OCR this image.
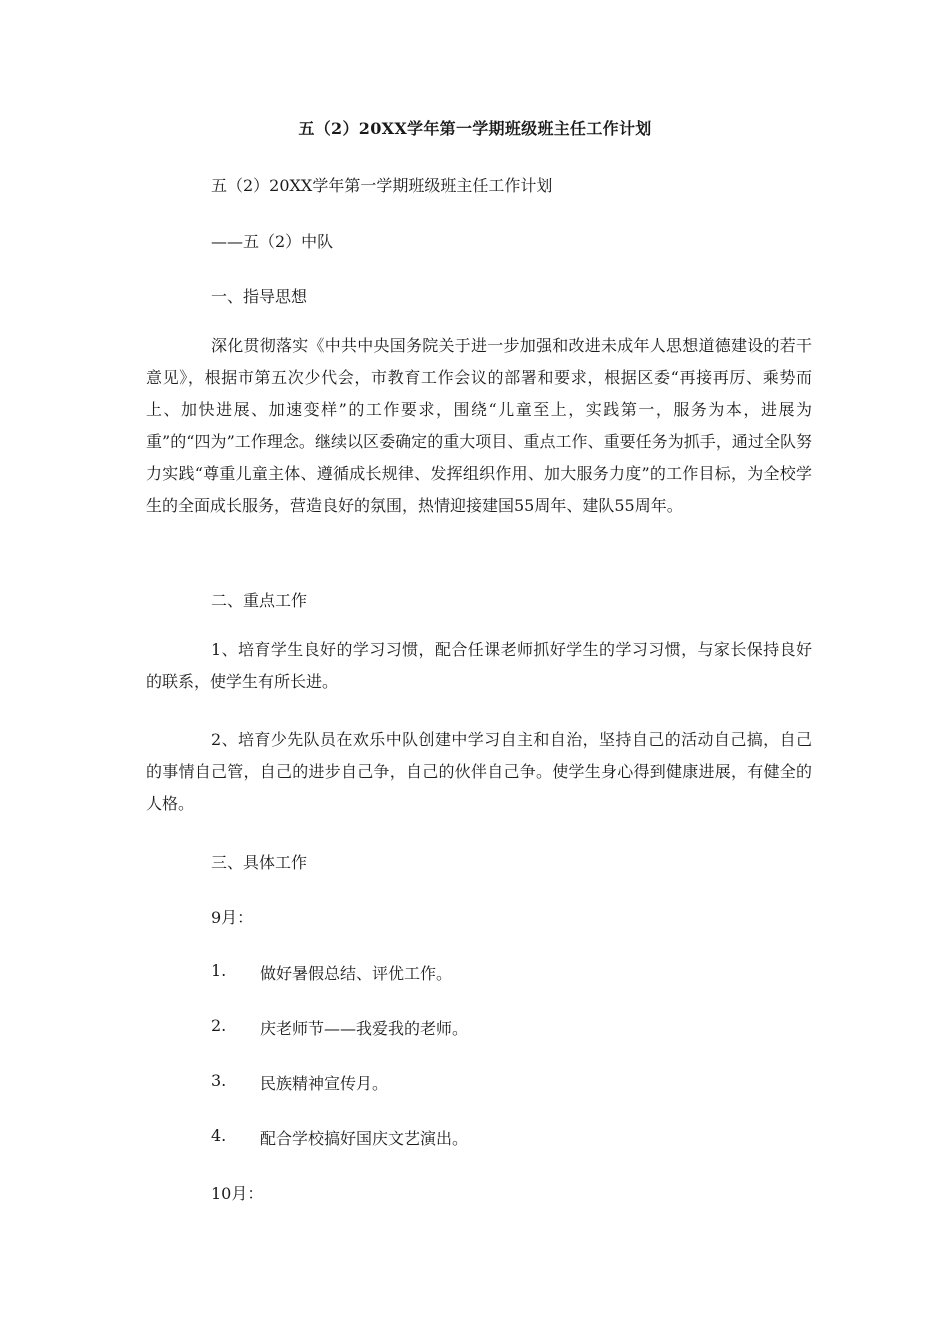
五（2）20XX学年第一学期班级班主任工作计划
五（2）20XX学年第一学期班级班主任工作计划
——五（2）中队
一、指导思想
深化贯彻落实《中共中央国务院关于进一步加强和改进未成年人思想道德建设的若干意见》，根据市第五次少代会，市教育工作会议的部署和要求，根据区委“再接再厉、乘势而上、加快进展、加速变样”的工作要求，围绕“儿童至上，实践第一，服务为本，进展为重”的“四为”工作理念。继续以区委确定的重大项目、重点工作、重要任务为抓手，通过全队努力实践“尊重儿童主体、遵循成长规律、发挥组织作用、加大服务力度”的工作目标，为全校学生的全面成长服务，营造良好的氛围，热情迎接建国55周年、建队55周年。
二、重点工作
1、培育学生良好的学习习惯，配合任课老师抓好学生的学习习惯，与家长保持良好的联系，使学生有所长进。
2、培育少先队员在欢乐中队创建中学习自主和自治，坚持自己的活动自己搞，自己的事情自己管，自己的进步自己争，自己的伙伴自己争。使学生身心得到健康进展，有健全的人格。
三、具体工作
9月：
1. 做好暑假总结、评优工作。
2. 庆老师节——我爱我的老师。
3. 民族精神宣传月。
4. 配合学校搞好国庆文艺演出。
10月：
